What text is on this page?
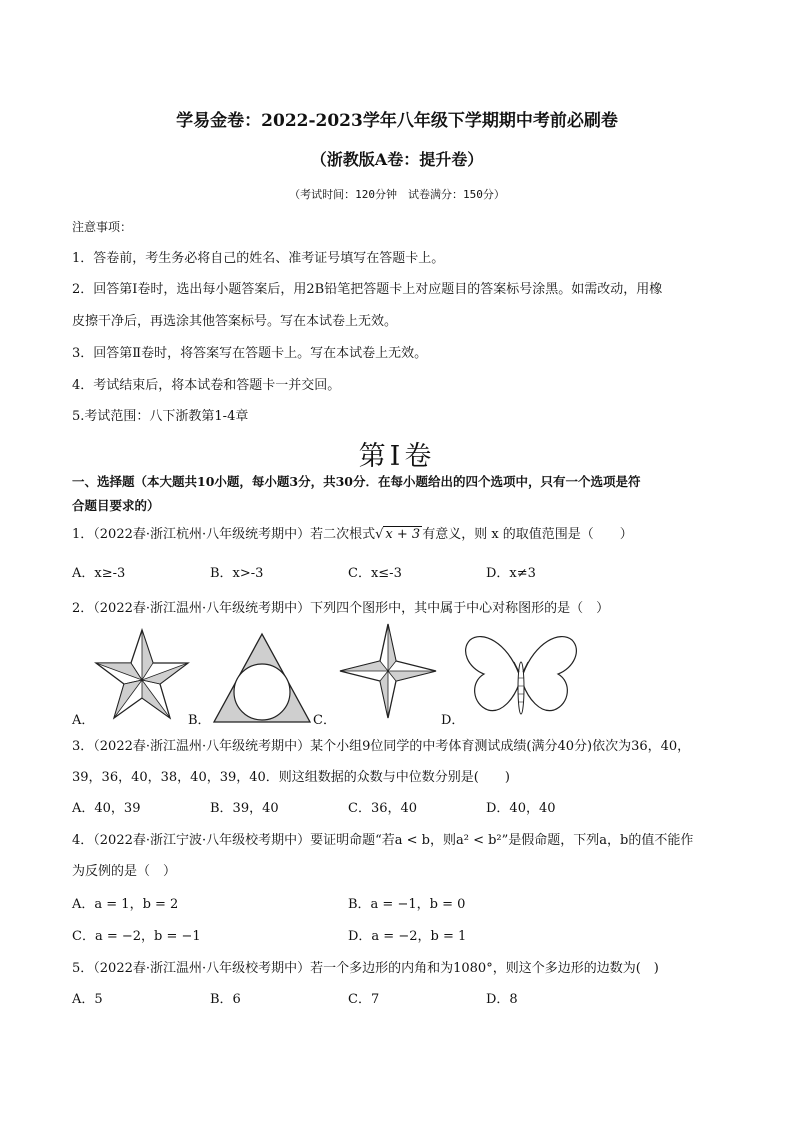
学易金卷：2022-2023学年八年级下学期期中考前必刷卷
（浙教版A卷：提升卷）
（考试时间：120分钟　试卷满分：150分）
注意事项：
1．答卷前，考生务必将自己的姓名、准考证号填写在答题卡上。
2．回答第Ⅰ卷时，选出每小题答案后，用2B铅笔把答题卡上对应题目的答案标号涂黑。如需改动，用橡
皮擦干净后，再选涂其他答案标号。写在本试卷上无效。
3．回答第Ⅱ卷时，将答案写在答题卡上。写在本试卷上无效。
4．考试结束后，将本试卷和答题卡一并交回。
5.考试范围：八下浙教第1-4章
第Ⅰ卷
一、选择题（本大题共10小题，每小题3分，共30分．在每小题给出的四个选项中，只有一个选项是符
合题目要求的）
1．（2022春·浙江杭州·八年级统考期中）若二次根式√ x + 3 有意义，则 x 的取值范围是（　　）
A．x≥-3	B．x>-3	C．x≤-3	D．x≠3
2．（2022春·浙江温州·八年级统考期中）下列四个图形中，其中属于中心对称图形的是（　）
A．	B．	C．	D．
3．（2022春·浙江温州·八年级统考期中）某个小组9位同学的中考体育测试成绩(满分40分)依次为36，40，
39，36，40，38，40，39，40．则这组数据的众数与中位数分别是(　　)
A．40，39	B．39，40	C．36，40	D．40，40
4．（2022春·浙江宁波·八年级校考期中）要证明命题“若a < b，则a² < b²”是假命题，下列a，b的值不能作
为反例的是（　）
A．a = 1，b = 2	B．a = −1，b = 0
C．a = −2，b = −1	D．a = −2，b = 1
5．（2022春·浙江温州·八年级校考期中）若一个多边形的内角和为1080°，则这个多边形的边数为(　)
A．5	B．6	C．7	D．8
